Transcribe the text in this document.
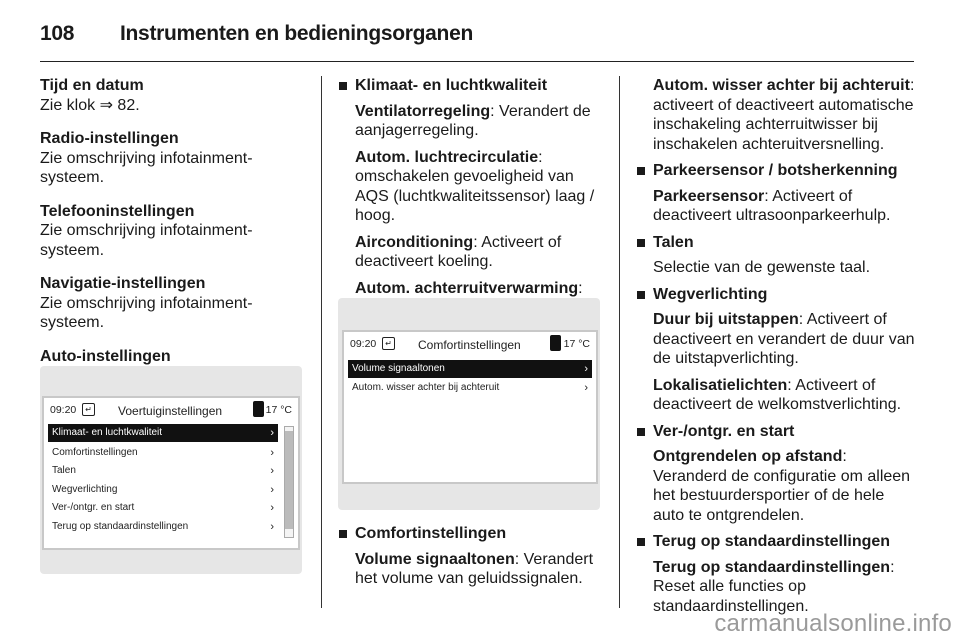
108 Instrumenten en bedieningsorganen
Tijd en datum
Zie klok ⇒ 82.
Radio-instellingen
Zie omschrijving infotainment-systeem.
Telefooninstellingen
Zie omschrijving infotainment-systeem.
Navigatie-instellingen
Zie omschrijving infotainment-systeem.
Auto-instellingen
09:20	↵ Voertuiginstellingen	17 °C
Klimaat- en luchtkwaliteit	›
Comfortinstellingen	›
Talen	›
Wegverlichting	›
Ver-/ontgr. en start	›
Terug op standaardinstellingen	›
Klimaat- en luchtkwaliteit
Ventilatorregeling: Verandert de aanjagerregeling.
Autom. luchtrecirculatie: omschakelen gevoeligheid van AQS (luchtkwaliteitssensor) laag / hoog.
Airconditioning: Activeert of deactiveert koeling.
Autom. achterruitverwarming:
09:20	↵ Comfortinstellingen	17 °C
Volume signaaltonen	›
Autom. wisser achter bij achteruit	›
Comfortinstellingen
Volume signaaltonen: Verandert het volume van geluidssignalen.
Autom. wisser achter bij achteruit: activeert of deactiveert automatische inschakeling achterruitwisser bij inschakelen achteruitversnelling.
Parkeersensor / botsherkenning
Parkeersensor: Activeert of deactiveert ultrasoonparkeerhulp.
Talen
Selectie van de gewenste taal.
Wegverlichting
Duur bij uitstappen: Activeert of deactiveert en verandert de duur van de uitstapverlichting.
Lokalisatielichten: Activeert of deactiveert de welkomstverlichting.
Ver-/ontgr. en start
Ontgrendelen op afstand: Veranderd de configuratie om alleen het bestuurdersportier of de hele auto te ontgrendelen.
Terug op standaardinstellingen
Terug op standaardinstellingen: Reset alle functies op standaardinstellingen.
carmanualsonline.info
